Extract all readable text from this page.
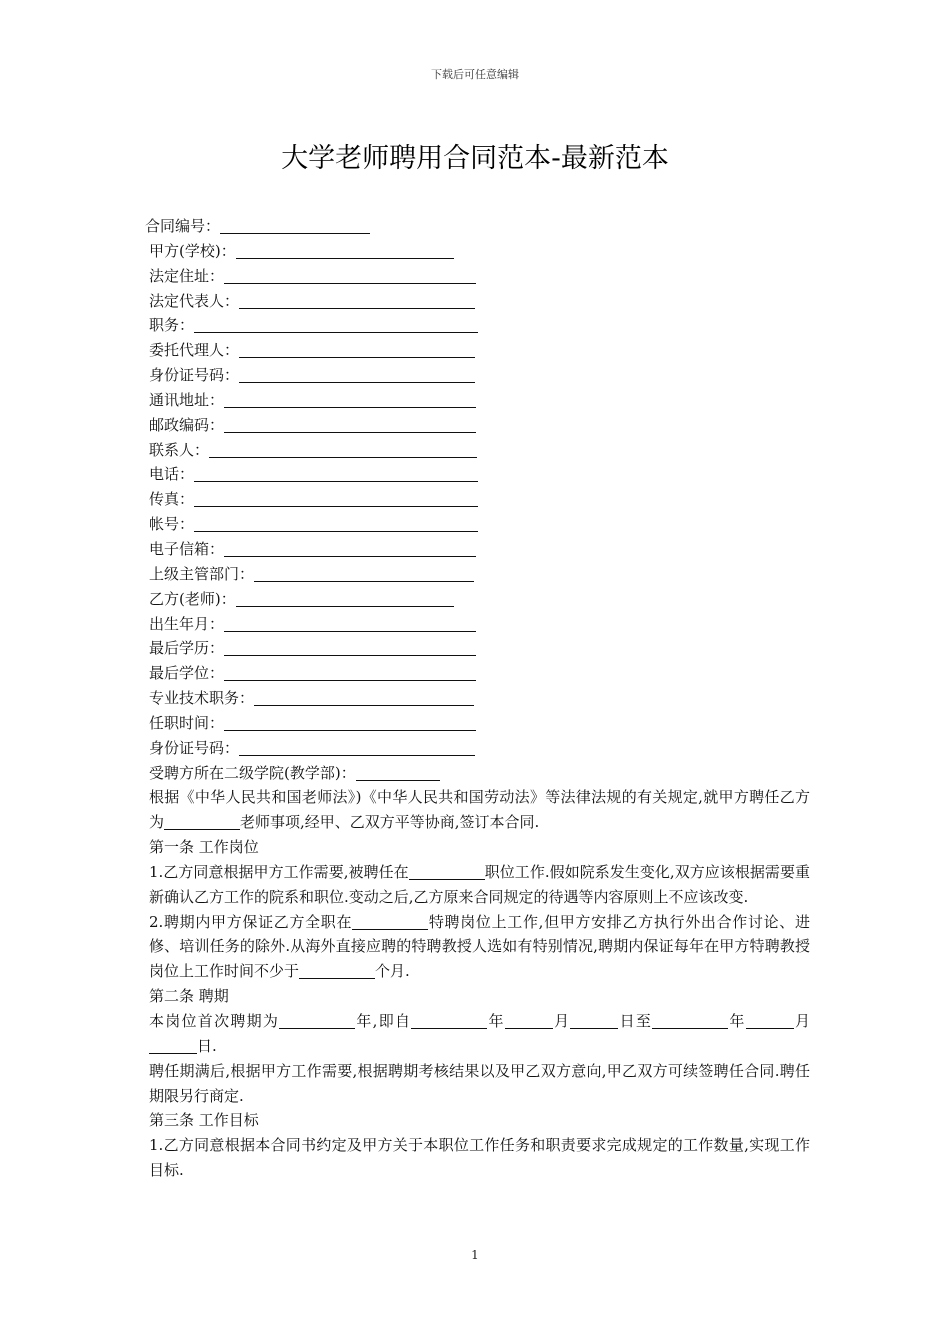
下载后可任意编辑
大学老师聘用合同范本-最新范本
合同编号：
甲方(学校)：
法定住址：
法定代表人：
职务：
委托代理人：
身份证号码：
通讯地址：
邮政编码：
联系人：
电话：
传真：
帐号：
电子信箱：
上级主管部门：
乙方(老师)：
出生年月：
最后学历：
最后学位：
专业技术职务：
任职时间：
身份证号码：
受聘方所在二级学院(教学部)：
根据《中华人民共和国老师法》)《中华人民共和国劳动法》等法律法规的有关规定,就甲方聘任乙方为	老师事项,经甲、乙双方平等协商,签订本合同.
第一条 工作岗位
1.乙方同意根据甲方工作需要,被聘任在	职位工作.假如院系发生变化,双方应该根据需要重新确认乙方工作的院系和职位.变动之后,乙方原来合同规定的待遇等内容原则上不应该改变.
2.聘期内甲方保证乙方全职在	特聘岗位上工作,但甲方安排乙方执行外出合作讨论、进修、培训任务的除外.从海外直接应聘的特聘教授人选如有特别情况,聘期内保证每年在甲方特聘教授岗位上工作时间不少于	个月.
第二条 聘期
本岗位首次聘期为	年,即自	年	月	日至	年	月日.
聘任期满后,根据甲方工作需要,根据聘期考核结果以及甲乙双方意向,甲乙双方可续签聘任合同.聘任期限另行商定.
第三条 工作目标
1.乙方同意根据本合同书约定及甲方关于本职位工作任务和职责要求完成规定的工作数量,实现工作目标.
1
